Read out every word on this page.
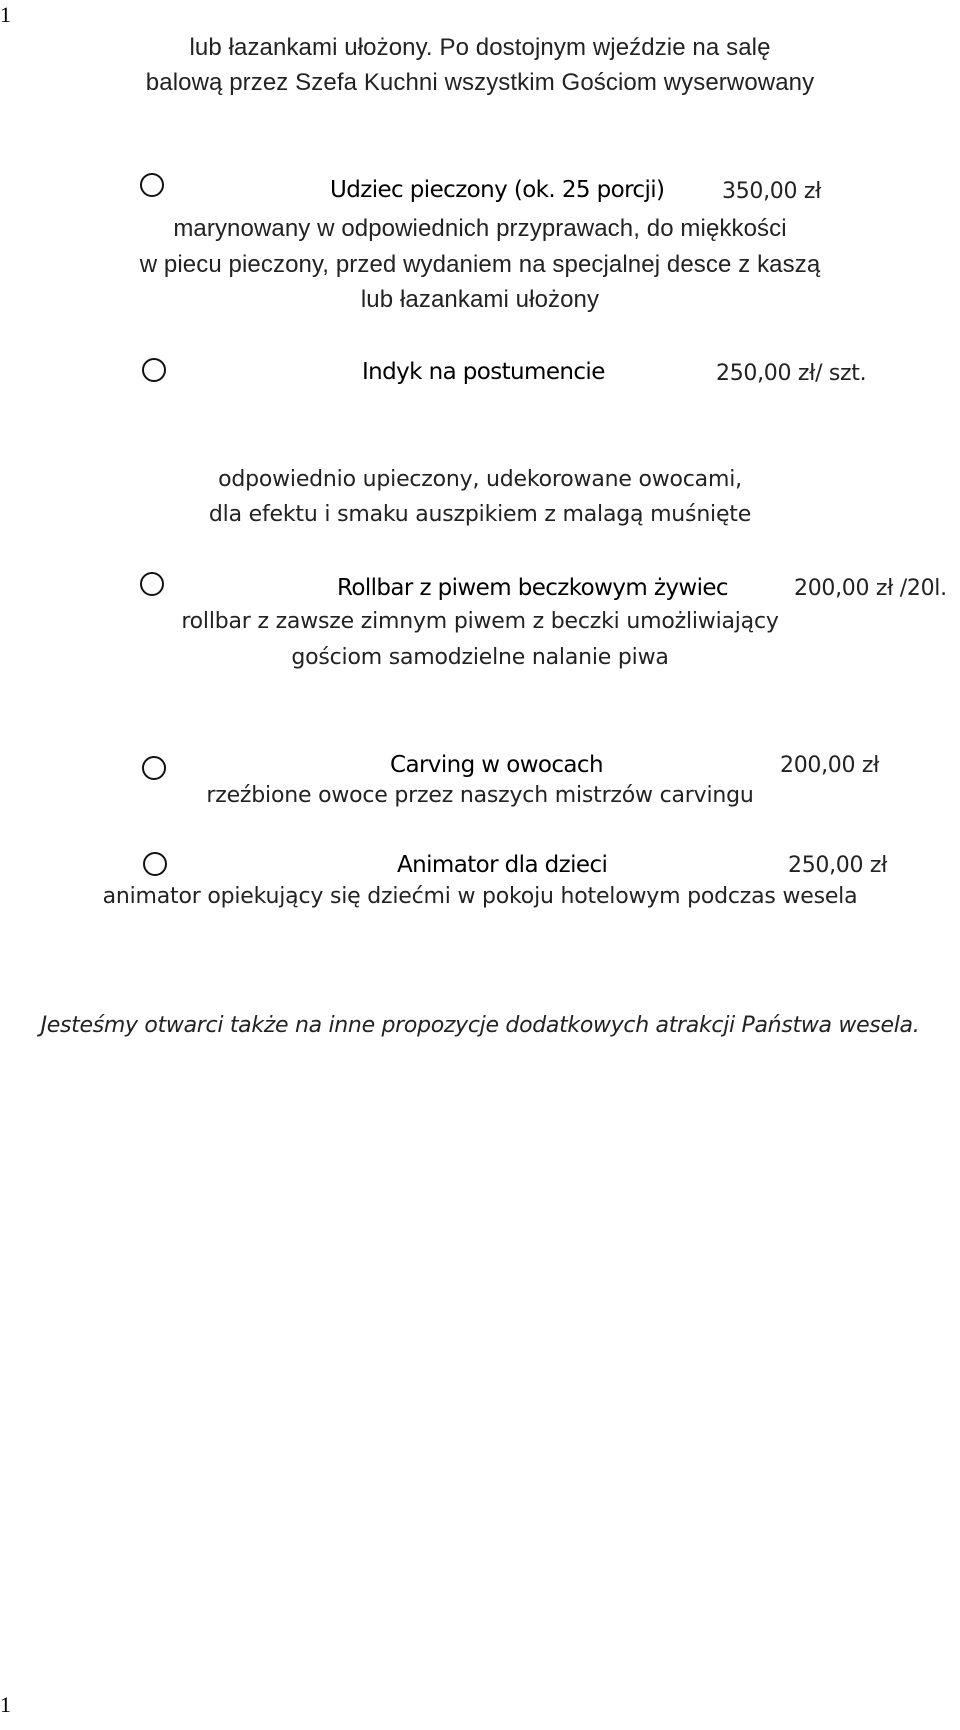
1
lub łazankami ułożony. Po dostojnym wjeździe na salę
balową przez Szefa Kuchni wszystkim Gościom wyserwowany
Udziec pieczony (ok. 25 porcji)	350,00 zł
marynowany w odpowiednich przyprawach, do miękkości
w piecu pieczony, przed wydaniem na specjalnej desce z kaszą
lub łazankami ułożony
Indyk na postumencie	250,00 zł/ szt.
odpowiednio upieczony, udekorowane owocami,
dla efektu i smaku auszpikiem z malagą muśnięte
Rollbar z piwem beczkowym żywiec	200,00 zł /20l.
rollbar z zawsze zimnym piwem z beczki umożliwiający
gościom samodzielne nalanie piwa
Carving w owocach	200,00 zł
rzeźbione owoce przez naszych mistrzów carvingu
Animator dla dzieci	250,00 zł
animator opiekujący się dziećmi w pokoju hotelowym podczas wesela
Jesteśmy otwarci także na inne propozycje dodatkowych atrakcji Państwa wesela.
1
